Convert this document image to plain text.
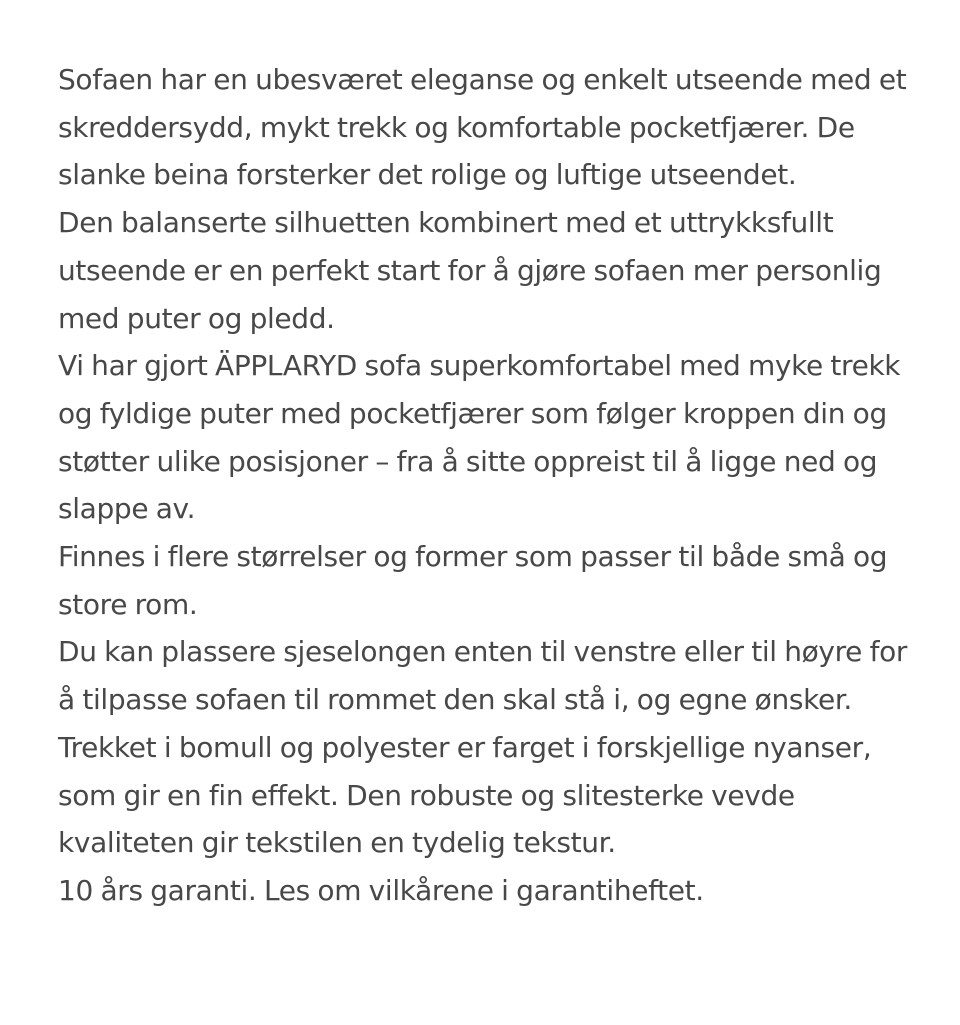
Sofaen har en ubesværet eleganse og enkelt utseende med et skreddersydd, mykt trekk og komfortable pocketfjærer. De slanke beina forsterker det rolige og luftige utseendet.

Den balanserte silhuetten kombinert med et uttrykksfullt utseende er en perfekt start for å gjøre sofaen mer personlig med puter og pledd.

Vi har gjort ÄPPLARYD sofa superkomfortabel med myke trekk og fyldige puter med pocketfjærer som følger kroppen din og støtter ulike posisjoner – fra å sitte oppreist til å ligge ned og slappe av.

Finnes i flere størrelser og former som passer til både små og store rom.

Du kan plassere sjeselongen enten til venstre eller til høyre for å tilpasse sofaen til rommet den skal stå i, og egne ønsker.

Trekket i bomull og polyester er farget i forskjellige nyanser, som gir en fin effekt. Den robuste og slitesterke vevde kvaliteten gir tekstilen en tydelig tekstur.

10 års garanti. Les om vilkårene i garantiheftet.
